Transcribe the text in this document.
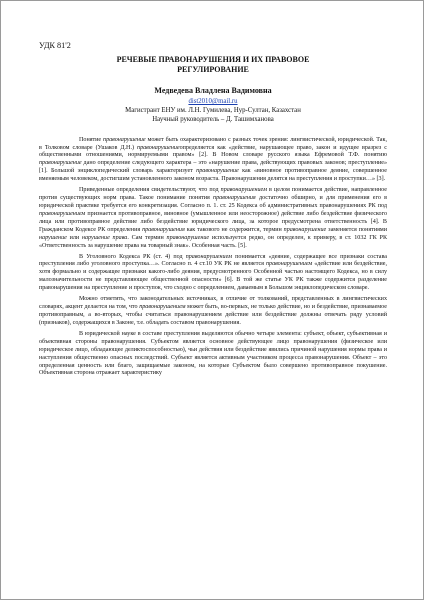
УДК 81'2
РЕЧЕВЫЕ ПРАВОНАРУШЕНИЯ И ИХ ПРАВОВОЕ
РЕГУЛИРОВАНИЕ
Медведева Владлена Вадимовна
dist2010@mail.ru
Магистрант ЕНУ им. Л.Н. Гумилева, Нур-Султан, Казахстан
Научный руководитель – Д. Ташимханова

Понятие правонарушение может быть охарактеризовано с разных точек зрения: лингвистической, юридической. Так, в Толковом словаре (Ушаков Д.Н.) правонарушениеопределяется как «действие, нарушающее право, закон и идущее вразрез с общественными отношениями, нормируемыми правом» [2]. В Новом словаре русского языка Ефремовой Т.Ф. понятию правонарушение дано определение следующего характера – это «нарушение права, действующих правовых законов; преступление» [1]. Большой энциклопедический словарь характеризует правонарушение как «виновное противоправное деяние, совершенное вменяемым человеком, достигшим установленного законом возраста. Правонарушения делятся на преступления и проступки…» [3].

Приведенные определения свидетельствуют, что под правонарушением в целом понимается действие, направленное против существующих норм права. Такое понимание понятия правонарушения достаточно обширно, и для применения его в юридической практике требуется его конкретизация. Согласно п. 1. ст. 25 Кодекса об административных правонарушениях РК под правонарушением признается противоправное, виновное (умышленное или неосторожное) действие либо бездействие физического лица или противоправное действие либо бездействие юридического лица, за которое предусмотрена ответственность [4]. В Гражданском Кодексе РК определения правонарушения как такового не содержится, термин правонарушение заменяется понятиями нарушение или нарушение права. Сам термин правонарушение используется редко, он определен, к примеру, в ст. 1032 ГК РК «Ответственность за нарушение права на товарный знак». Особенная часть. [5].

В Уголовного Кодекса РК (ст. 4) под правонарушением понимается «деяние, содержащее все признаки состава преступления либо уголовного проступка…». Согласно п. 4 ст.10 УК РК не является правонарушением «действие или бездействие, хотя формально и содержащее признаки какого-либо деяния, предусмотренного Особенной частью настоящего Кодекса, но в силу малозначительности не представляющее общественной опасности» [6]. В той же статье УК РК также содержится разделение правонарушения на преступление и проступок, что сходно с определением, даваемым в Большом энциклопедическом словаре.

Можно отметить, что законодательных источниках, в отличие от толкований, представленных в лингвистических словарях, акцент делается на том, что правонарушением может быть, во-первых, не только действие, но и бездействие, признаваемое противоправным, а во-вторых, чтобы считаться правонарушением действие или бездействие должны отвечать ряду условий (признаков), содержащихся в Законе, т.е. обладать составом правонарушения.

В юридической науке в составе преступления выделяются обычно четыре элемента: субъект, объект, субъективная и объективная стороны правонарушения. Субъектом является основное действующее лицо правонарушения (физическое или юридическое лицо, обладающее деликтоспособностью), чьи действия или бездействие явились причиной нарушения нормы права и наступления общественно опасных последствий. Субъект является активным участником процесса правонарушения. Объект – это определенная ценность или благо, защищаемые законом, на которые Субъектом было совершено противоправное покушение. Объективная сторона отражает характеристику
